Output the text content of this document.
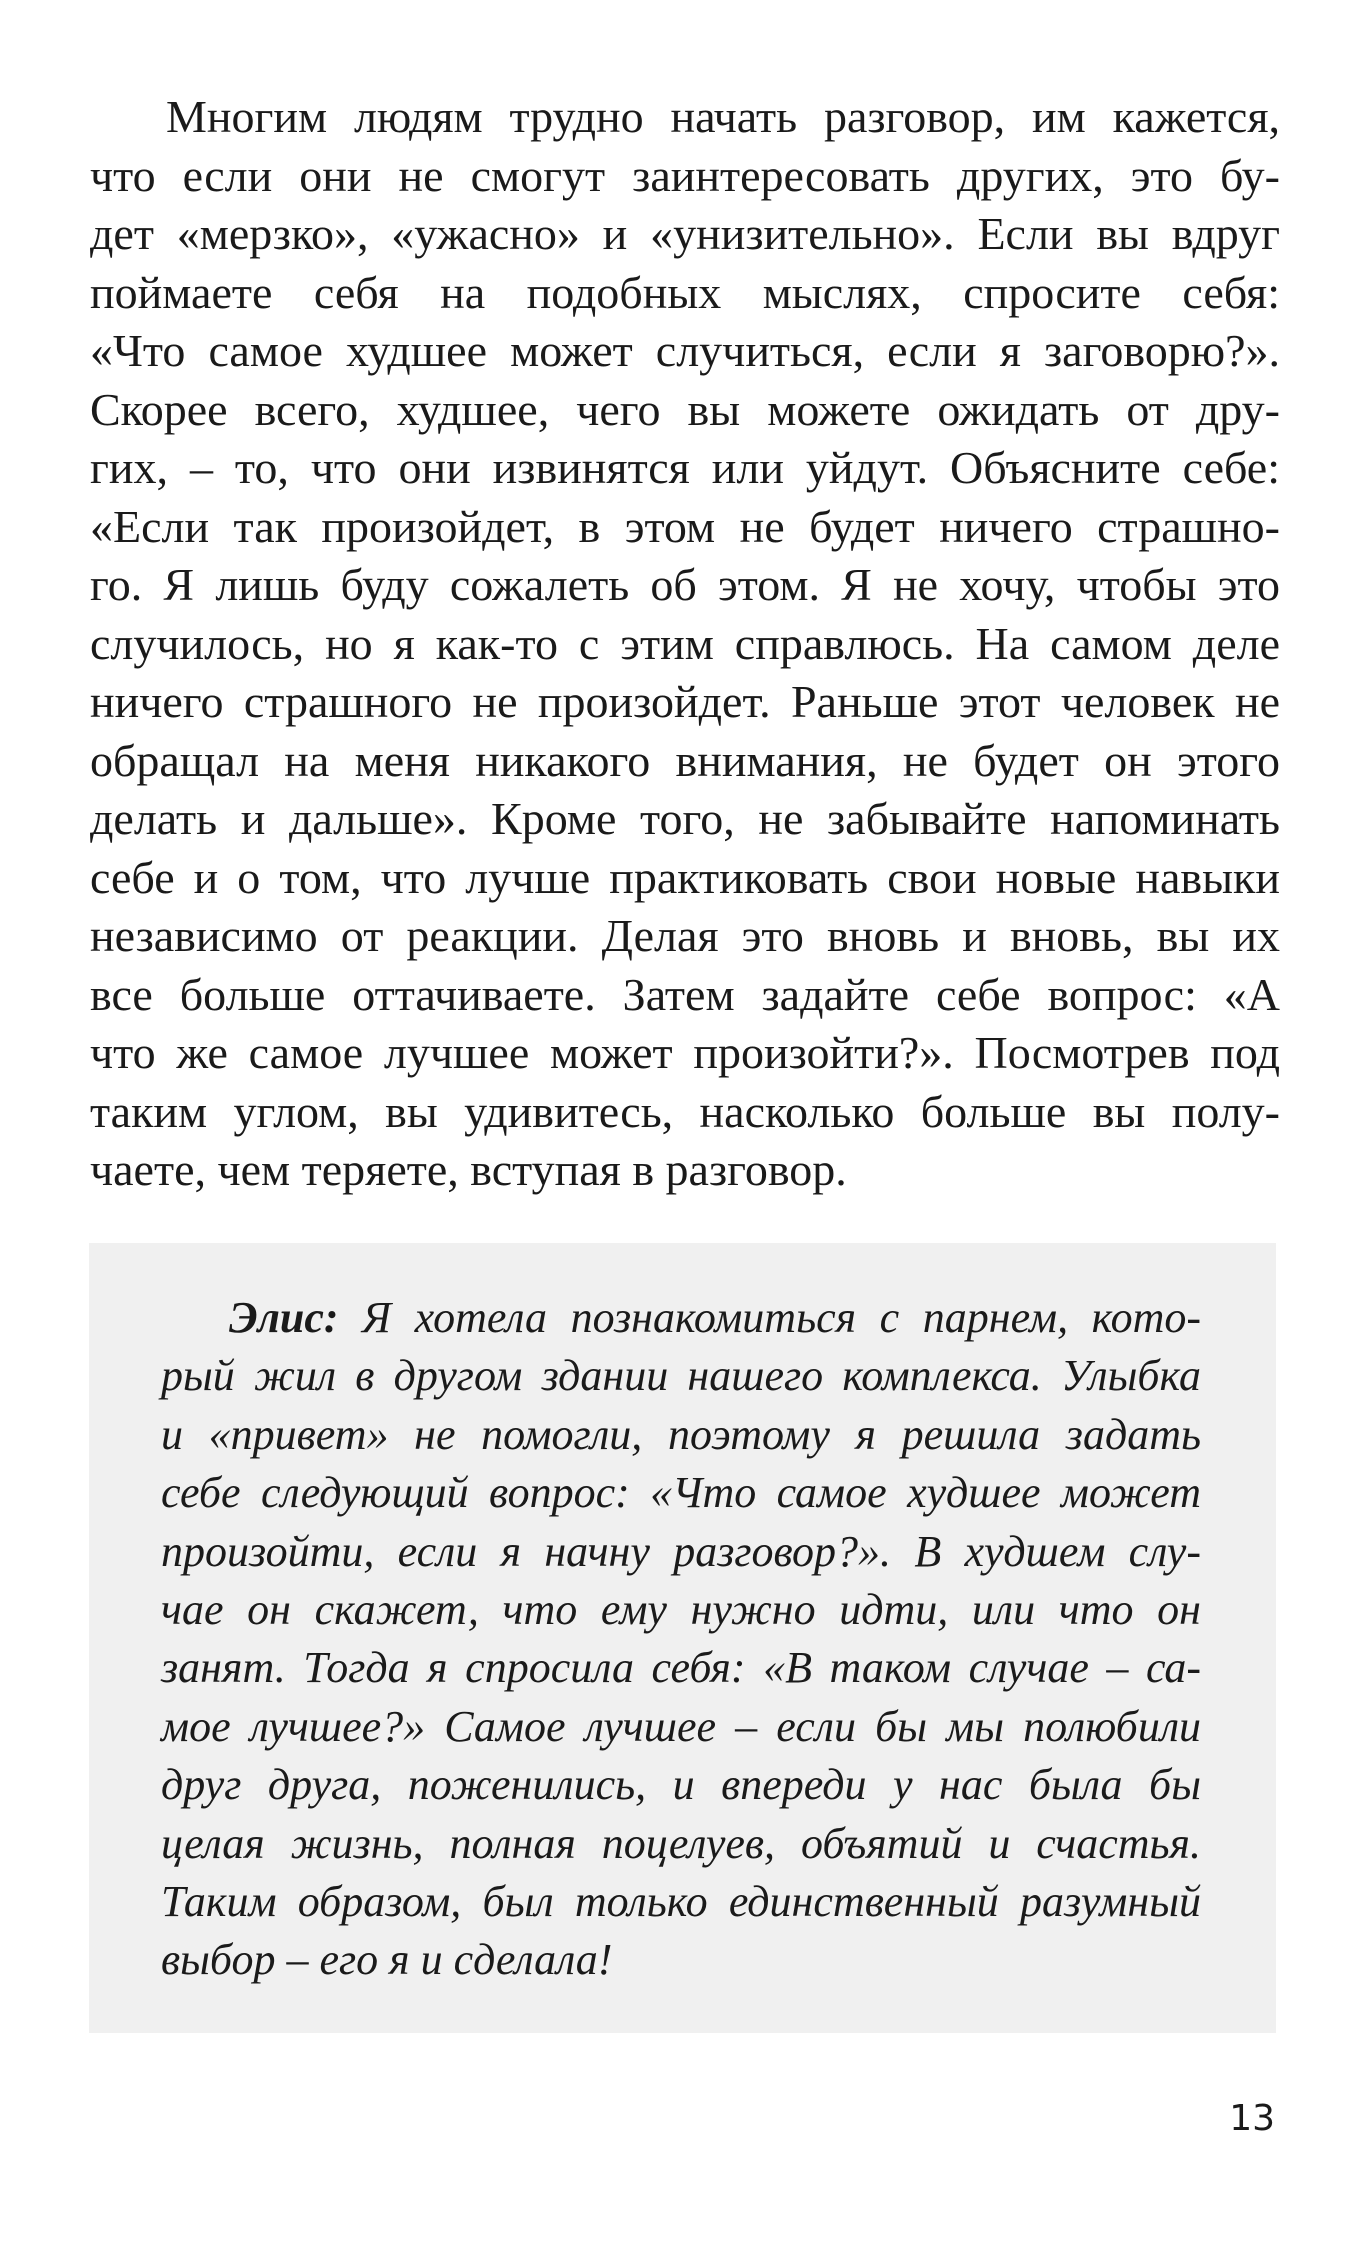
Многим людям трудно начать разговор, им кажется,
что если они не смогут заинтересовать других, это бу-
дет «мерзко», «ужасно» и «унизительно». Если вы вдруг
поймаете себя на подобных мыслях, спросите себя:
«Что самое худшее может случиться, если я заговорю?».
Скорее всего, худшее, чего вы можете ожидать от дру-
гих, – то, что они извинятся или уйдут. Объясните себе:
«Если так произойдет, в этом не будет ничего страшно-
го. Я лишь буду сожалеть об этом. Я не хочу, чтобы это
случилось, но я как-то с этим справлюсь. На самом деле
ничего страшного не произойдет. Раньше этот человек не
обращал на меня никакого внимания, не будет он этого
делать и дальше». Кроме того, не забывайте напоминать
себе и о том, что лучше практиковать свои новые навыки
независимо от реакции. Делая это вновь и вновь, вы их
все больше оттачиваете. Затем задайте себе вопрос: «А
что же самое лучшее может произойти?». Посмотрев под
таким углом, вы удивитесь, насколько больше вы полу-
чаете, чем теряете, вступая в разговор.
Элис: Я хотела познакомиться с парнем, кото-
рый жил в другом здании нашего комплекса. Улыбка
и «привет» не помогли, поэтому я решила задать
себе следующий вопрос: «Что самое худшее может
произойти, если я начну разговор?». В худшем слу-
чае он скажет, что ему нужно идти, или что он
занят. Тогда я спросила себя: «В таком случае – са-
мое лучшее?» Самое лучшее – если бы мы полюбили
друг друга, поженились, и впереди у нас была бы
целая жизнь, полная поцелуев, объятий и счастья.
Таким образом, был только единственный разумный
выбор – его я и сделала!
13
